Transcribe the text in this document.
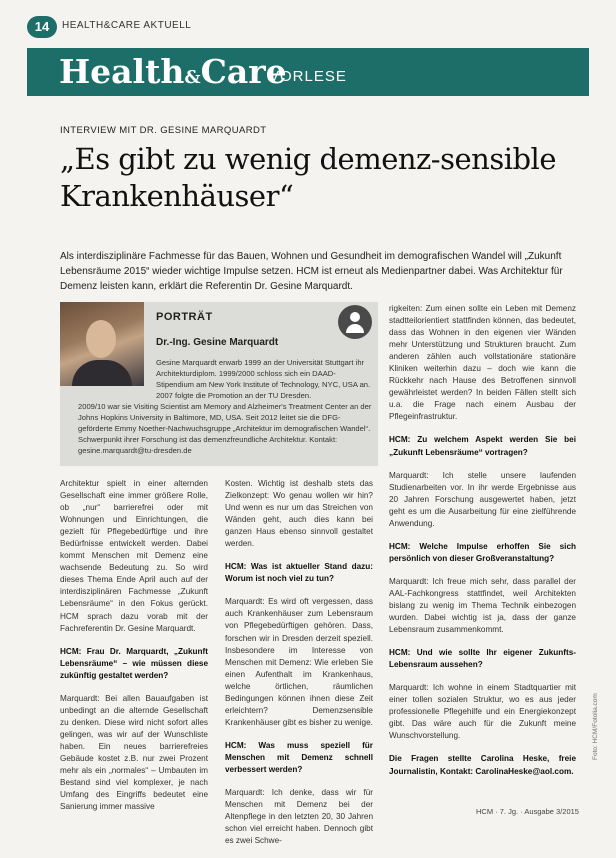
14	HEALTH&CARE AKTUELL
Health&Care
VORLESE
INTERVIEW MIT DR. GESINE MARQUARDT
„Es gibt zu wenig demenz-sensible Krankenhäuser“

Als interdisziplinäre Fachmesse für das Bauen, Wohnen und Gesundheit im demografischen Wandel will „Zukunft Lebensräume 2015“ wieder wichtige Impulse setzen. HCM ist erneut als Medienpartner dabei. Was Architektur für Demenz leisten kann, erklärt die Referentin Dr. Gesine Marquardt.

PORTRÄT
Dr.-Ing. Gesine Marquardt

Gesine Marquardt erwarb 1999 an der Universität Stuttgart ihr Architekturdiplom. 1999/2000 schloss sich ein DAAD-Stipendium am New York Institute of Technology, NYC, USA an. 2007 folgte die Promotion an der TU Dresden.

2009/10 war sie Visiting Scientist am Memory and Alzheimer's Treatment Center an der Johns Hopkins University in Baltimore, MD, USA. Seit 2012 leitet sie die DFG-geförderte Emmy Noether-Nachwuchsgruppe „Architektur im demografischen Wandel“. Schwerpunkt ihrer Forschung ist das demenzfreundliche Architektur. Kontakt: gesine.marquardt@tu-dresden.de

Architektur spielt in einer alternden Gesellschaft eine immer größere Rolle, ob „nur“ barrierefrei oder mit Wohnungen und Einrichtungen, die gezielt für Pflegebedürftige und ihre Bedürfnisse entwickelt werden. Dabei kommt Menschen mit Demenz eine wachsende Bedeutung zu. So wird dieses Thema Ende April auch auf der interdisziplinären Fachmesse „Zukunft Lebensräume“ in den Fokus gerückt. HCM sprach dazu vorab mit der Fachreferentin Dr. Gesine Marquardt.

HCM: Frau Dr. Marquardt, „Zukunft Lebensräume“ – wie müssen diese zukünftig gestaltet werden?

Marquardt: Bei allen Bauaufgaben ist unbedingt an die alternde Gesellschaft zu denken. Diese wird nicht sofort alles gelingen, was wir auf der Wunschliste haben. Ein neues barrierefreies Gebäude kostet z.B. nur zwei Prozent mehr als ein „normales“ – Umbauten im Bestand sind viel komplexer, je nach Umfang des Eingriffs bedeutet eine Sanierung immer massive

Kosten. Wichtig ist deshalb stets das Zielkonzept: Wo genau wollen wir hin? Und wenn es nur um das Streichen von Wänden geht, auch dies kann bei ganzen Haus ebenso sinnvoll gestaltet werden.

HCM: Was ist aktueller Stand dazu: Worum ist noch viel zu tun?

Marquardt: Es wird oft vergessen, dass auch Krankenhäuser zum Lebensraum von Pflegebedürftigen gehören. Dass, forschen wir in Dresden derzeit speziell. Insbesondere im Interesse von Menschen mit Demenz: Wie erleben Sie einen Aufenthalt im Krankenhaus, welche örtlichen, räumlichen Bedingungen können ihnen diese Zeit erleichtern? Demenzsensible Krankenhäuser gibt es bisher zu wenige.

HCM: Was muss speziell für Menschen mit Demenz schnell verbessert werden?

Marquardt: Ich denke, dass wir für Menschen mit Demenz bei der Altenpflege in den letzten 20, 30 Jahren schon viel erreicht haben. Dennoch gibt es zwei Schwe-

rigkeiten: Zum einen sollte ein Leben mit Demenz stadtteilorientiert stattfinden können, das bedeutet, dass das Wohnen in den eigenen vier Wänden mehr Unterstützung und Strukturen braucht. Zum anderen zählen auch vollstationäre stationäre Kliniken weiterhin dazu – doch wie kann die Rückkehr nach Hause des Betroffenen sinnvoll gewährleistet werden? In beiden Fällen stellt sich u.a. die Frage nach einem Ausbau der Pflegeinfrastruktur.

HCM: Zu welchem Aspekt werden Sie bei „Zukunft Lebensräume“ vortragen?

Marquardt: Ich stelle unsere laufenden Studienarbeiten vor. In ihr werde Ergebnisse aus 20 Jahren Forschung ausgewertet haben, jetzt geht es um die Ausarbeitung für eine zielführende Anwendung.

HCM: Welche Impulse erhoffen Sie sich persönlich von dieser Großveranstaltung?

Marquardt: Ich freue mich sehr, dass parallel der AAL-Fachkongress stattfindet, weil Architekten bislang zu wenig im Thema Technik einbezogen wurden. Dabei wichtig ist ja, dass der ganze Lebensraum zusammenkommt.

HCM: Und wie sollte Ihr eigener Zukunfts-Lebensraum aussehen?

Marquardt: Ich wohne in einem Stadtquartier mit einer tollen sozialen Struktur, wo es aus jeder professionelle Pflegehilfe und ein Energiekonzept gibt. Das wäre auch für die Zukunft meine Wunschvorstellung.

Die Fragen stellte Carolina Heske, freie Journalistin, Kontakt: CarolinaHeske@aol.com.

HCM · 7. Jg. · Ausgabe 3/2015
Foto: HCM/Fotolia.com
